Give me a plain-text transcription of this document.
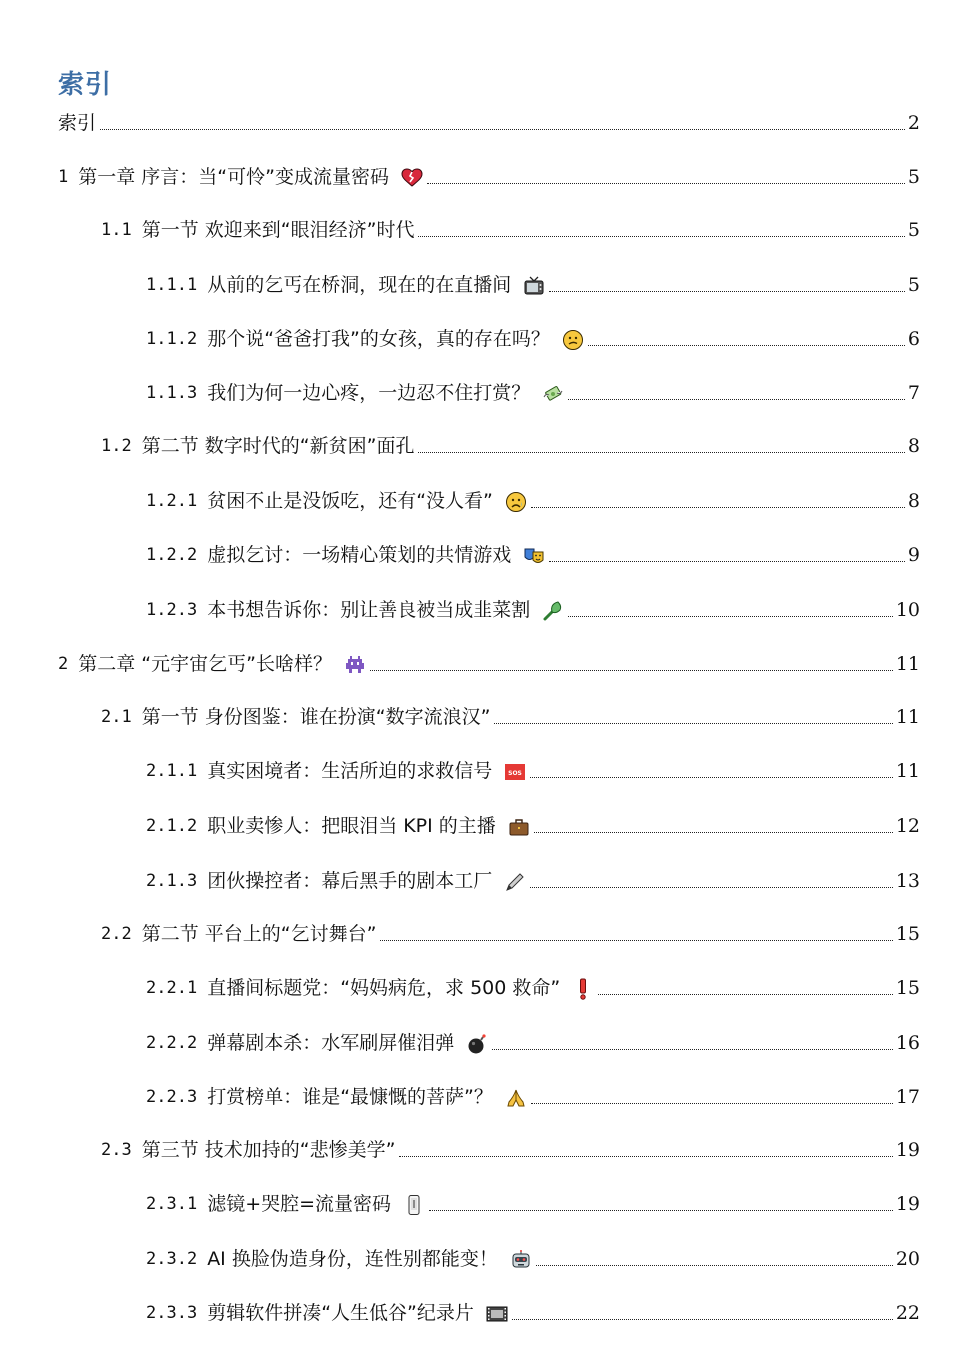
索引
索引	2
1 第一章 序言：当“可怜”变成流量密码	5
1.1 第一节 欢迎来到“眼泪经济”时代	5
1.1.1 从前的乞丐在桥洞，现在的在直播间	5
1.1.2 那个说“爸爸打我”的女孩，真的存在吗？	6
1.1.3 我们为何一边心疼，一边忍不住打赏？	7
1.2 第二节 数字时代的“新贫困”面孔	8
1.2.1 贫困不止是没饭吃，还有“没人看”	8
1.2.2 虚拟乞讨：一场精心策划的共情游戏	9
1.2.3 本书想告诉你：别让善良被当成韭菜割	10
2 第二章 “元宇宙乞丐”长啥样？	11
2.1 第一节 身份图鉴：谁在扮演“数字流浪汉”	11
2.1.1 真实困境者：生活所迫的求救信号	SOS	11
2.1.2 职业卖惨人：把眼泪当 KPI 的主播	12
2.1.3 团伙操控者：幕后黑手的剧本工厂	13
2.2 第二节 平台上的“乞讨舞台”	15
2.2.1 直播间标题党：“妈妈病危，求 500 救命”	15
2.2.2 弹幕剧本杀：水军刷屏催泪弹	16
2.2.3 打赏榜单：谁是“最慷慨的菩萨”？	17
2.3 第三节 技术加持的“悲惨美学”	19
2.3.1 滤镜+哭腔=流量密码	19
2.3.2 AI 换脸伪造身份，连性别都能变！	20
2.3.3 剪辑软件拼凑“人生低谷”纪录片	22
